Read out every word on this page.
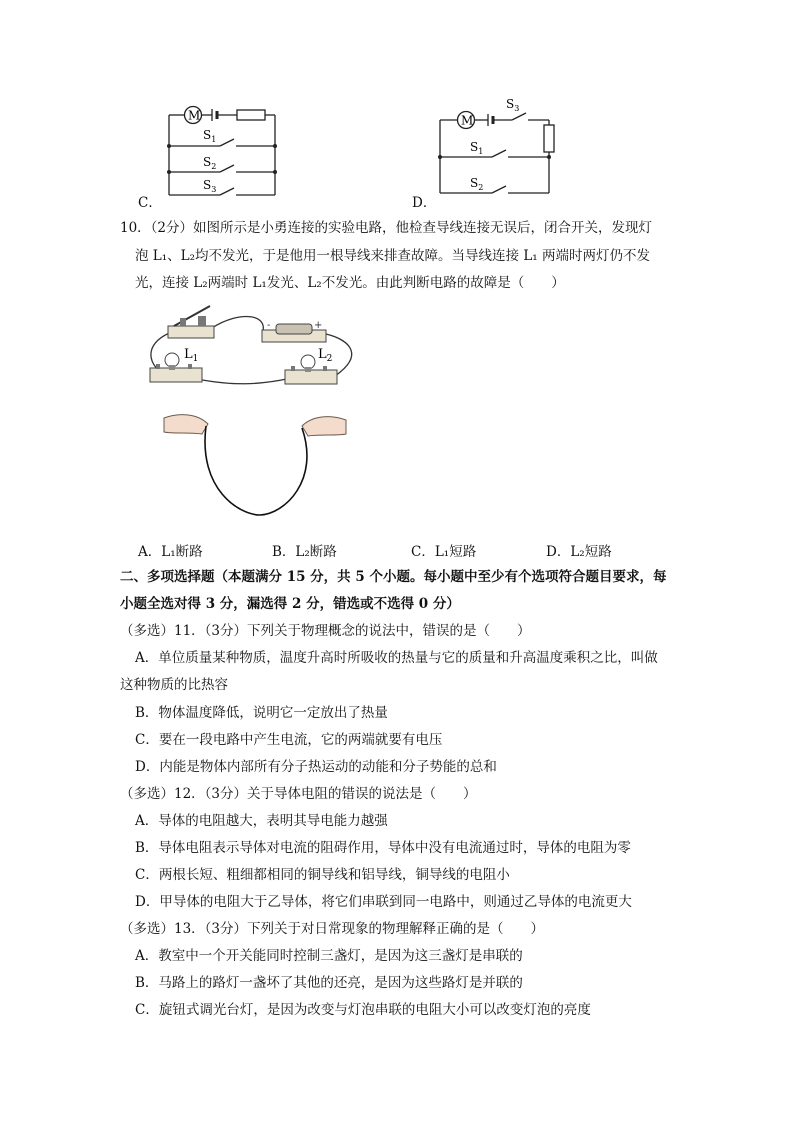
C．
M
$S_1$
$S_2$
$S_3$
D．
M
$S_3$
$S_1$
$S_2$
10．（2分）如图所示是小勇连接的实验电路，他检查导线连接无误后，闭合开关，发现灯
泡 L₁、L₂均不发光，于是他用一根导线来排查故障。当导线连接 L₁ 两端时两灯仍不发
光，连接 L₂两端时 L₁发光、L₂不发光。由此判断电路的故障是（　　）
-	+
$L_1$	$L_2$
A．L₁断路	B．L₂断路	C．L₁短路	D．L₂短路
二、多项选择题（本题满分 15 分，共 5 个小题。每小题中至少有个选项符合题目要求，每
小题全选对得 3 分，漏选得 2 分，错选或不选得 0 分）
（多选）11．（3分）下列关于物理概念的说法中，错误的是（　　）
A．单位质量某种物质，温度升高时所吸收的热量与它的质量和升高温度乘积之比，叫做
这种物质的比热容
B．物体温度降低，说明它一定放出了热量
C．要在一段电路中产生电流，它的两端就要有电压
D．内能是物体内部所有分子热运动的动能和分子势能的总和
（多选）12．（3分）关于导体电阻的错误的说法是（　　）
A．导体的电阻越大，表明其导电能力越强
B．导体电阻表示导体对电流的阻碍作用，导体中没有电流通过时，导体的电阻为零
C．两根长短、粗细都相同的铜导线和铝导线，铜导线的电阻小
D．甲导体的电阻大于乙导体，将它们串联到同一电路中，则通过乙导体的电流更大
（多选）13．（3分）下列关于对日常现象的物理解释正确的是（　　）
A．教室中一个开关能同时控制三盏灯，是因为这三盏灯是串联的
B．马路上的路灯一盏坏了其他的还亮，是因为这些路灯是并联的
C．旋钮式调光台灯，是因为改变与灯泡串联的电阻大小可以改变灯泡的亮度
